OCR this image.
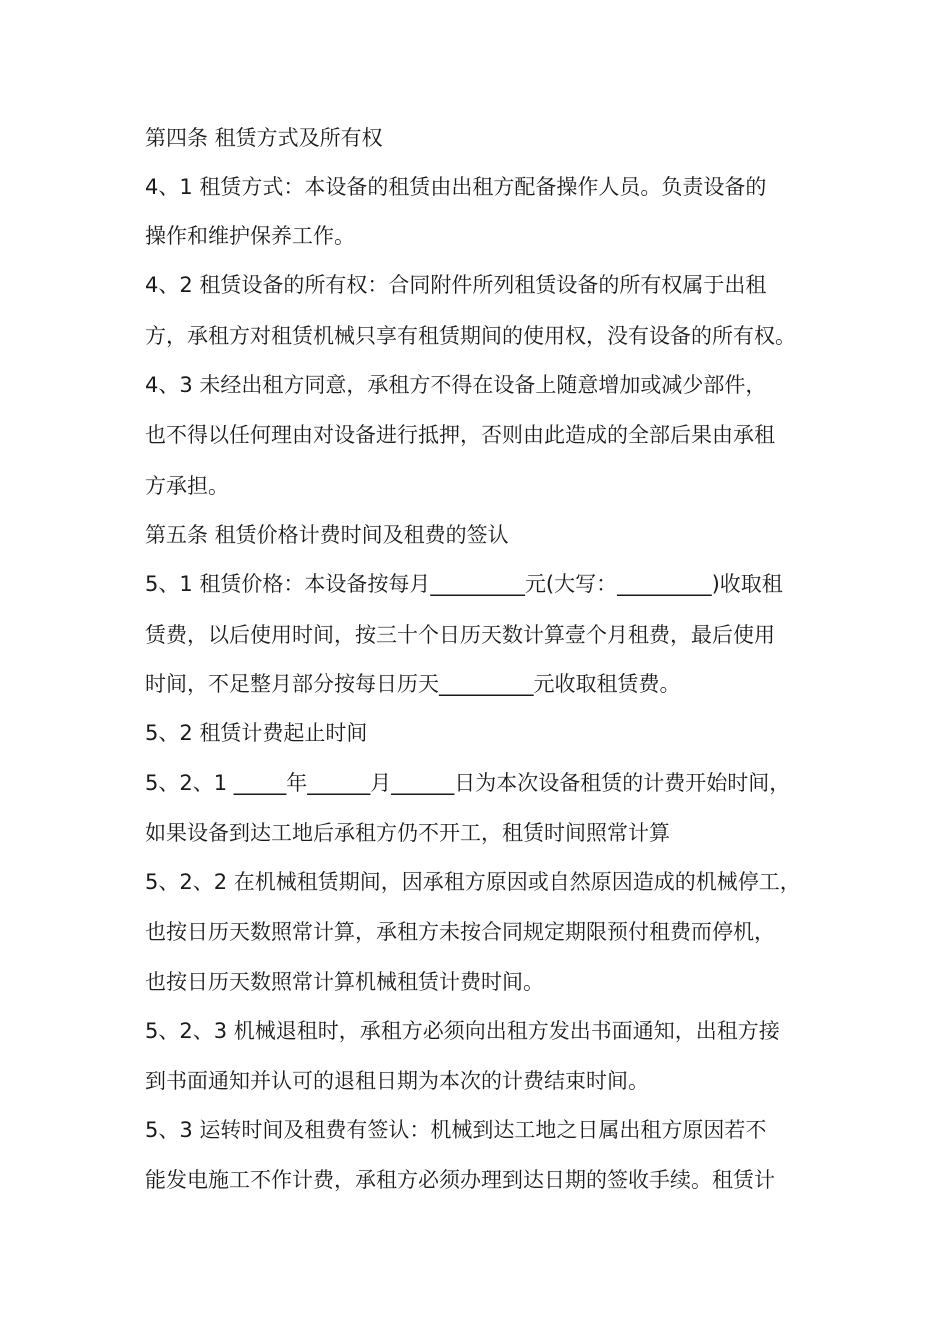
第四条 租赁方式及所有权
4、1 租赁方式：本设备的租赁由出租方配备操作人员。负责设备的
操作和维护保养工作。
4、2 租赁设备的所有权：合同附件所列租赁设备的所有权属于出租
方，承租方对租赁机械只享有租赁期间的使用权，没有设备的所有权。
4、3 未经出租方同意，承租方不得在设备上随意增加或减少部件，
也不得以任何理由对设备进行抵押，否则由此造成的全部后果由承租
方承担。
第五条 租赁价格计费时间及租费的签认
5、1 租赁价格：本设备按每月_________元(大写：_________)收取租
赁费，以后使用时间，按三十个日历天数计算壹个月租费，最后使用
时间，不足整月部分按每日历天_________元收取租赁费。
5、2 租赁计费起止时间
5、2、1 _____年______月______日为本次设备租赁的计费开始时间，
如果设备到达工地后承租方仍不开工，租赁时间照常计算
5、2、2 在机械租赁期间，因承租方原因或自然原因造成的机械停工，
也按日历天数照常计算，承租方未按合同规定期限预付租费而停机，
也按日历天数照常计算机械租赁计费时间。
5、2、3 机械退租时，承租方必须向出租方发出书面通知，出租方接
到书面通知并认可的退租日期为本次的计费结束时间。
5、3 运转时间及租费有签认：机械到达工地之日属出租方原因若不
能发电施工不作计费，承租方必须办理到达日期的签收手续。租赁计
